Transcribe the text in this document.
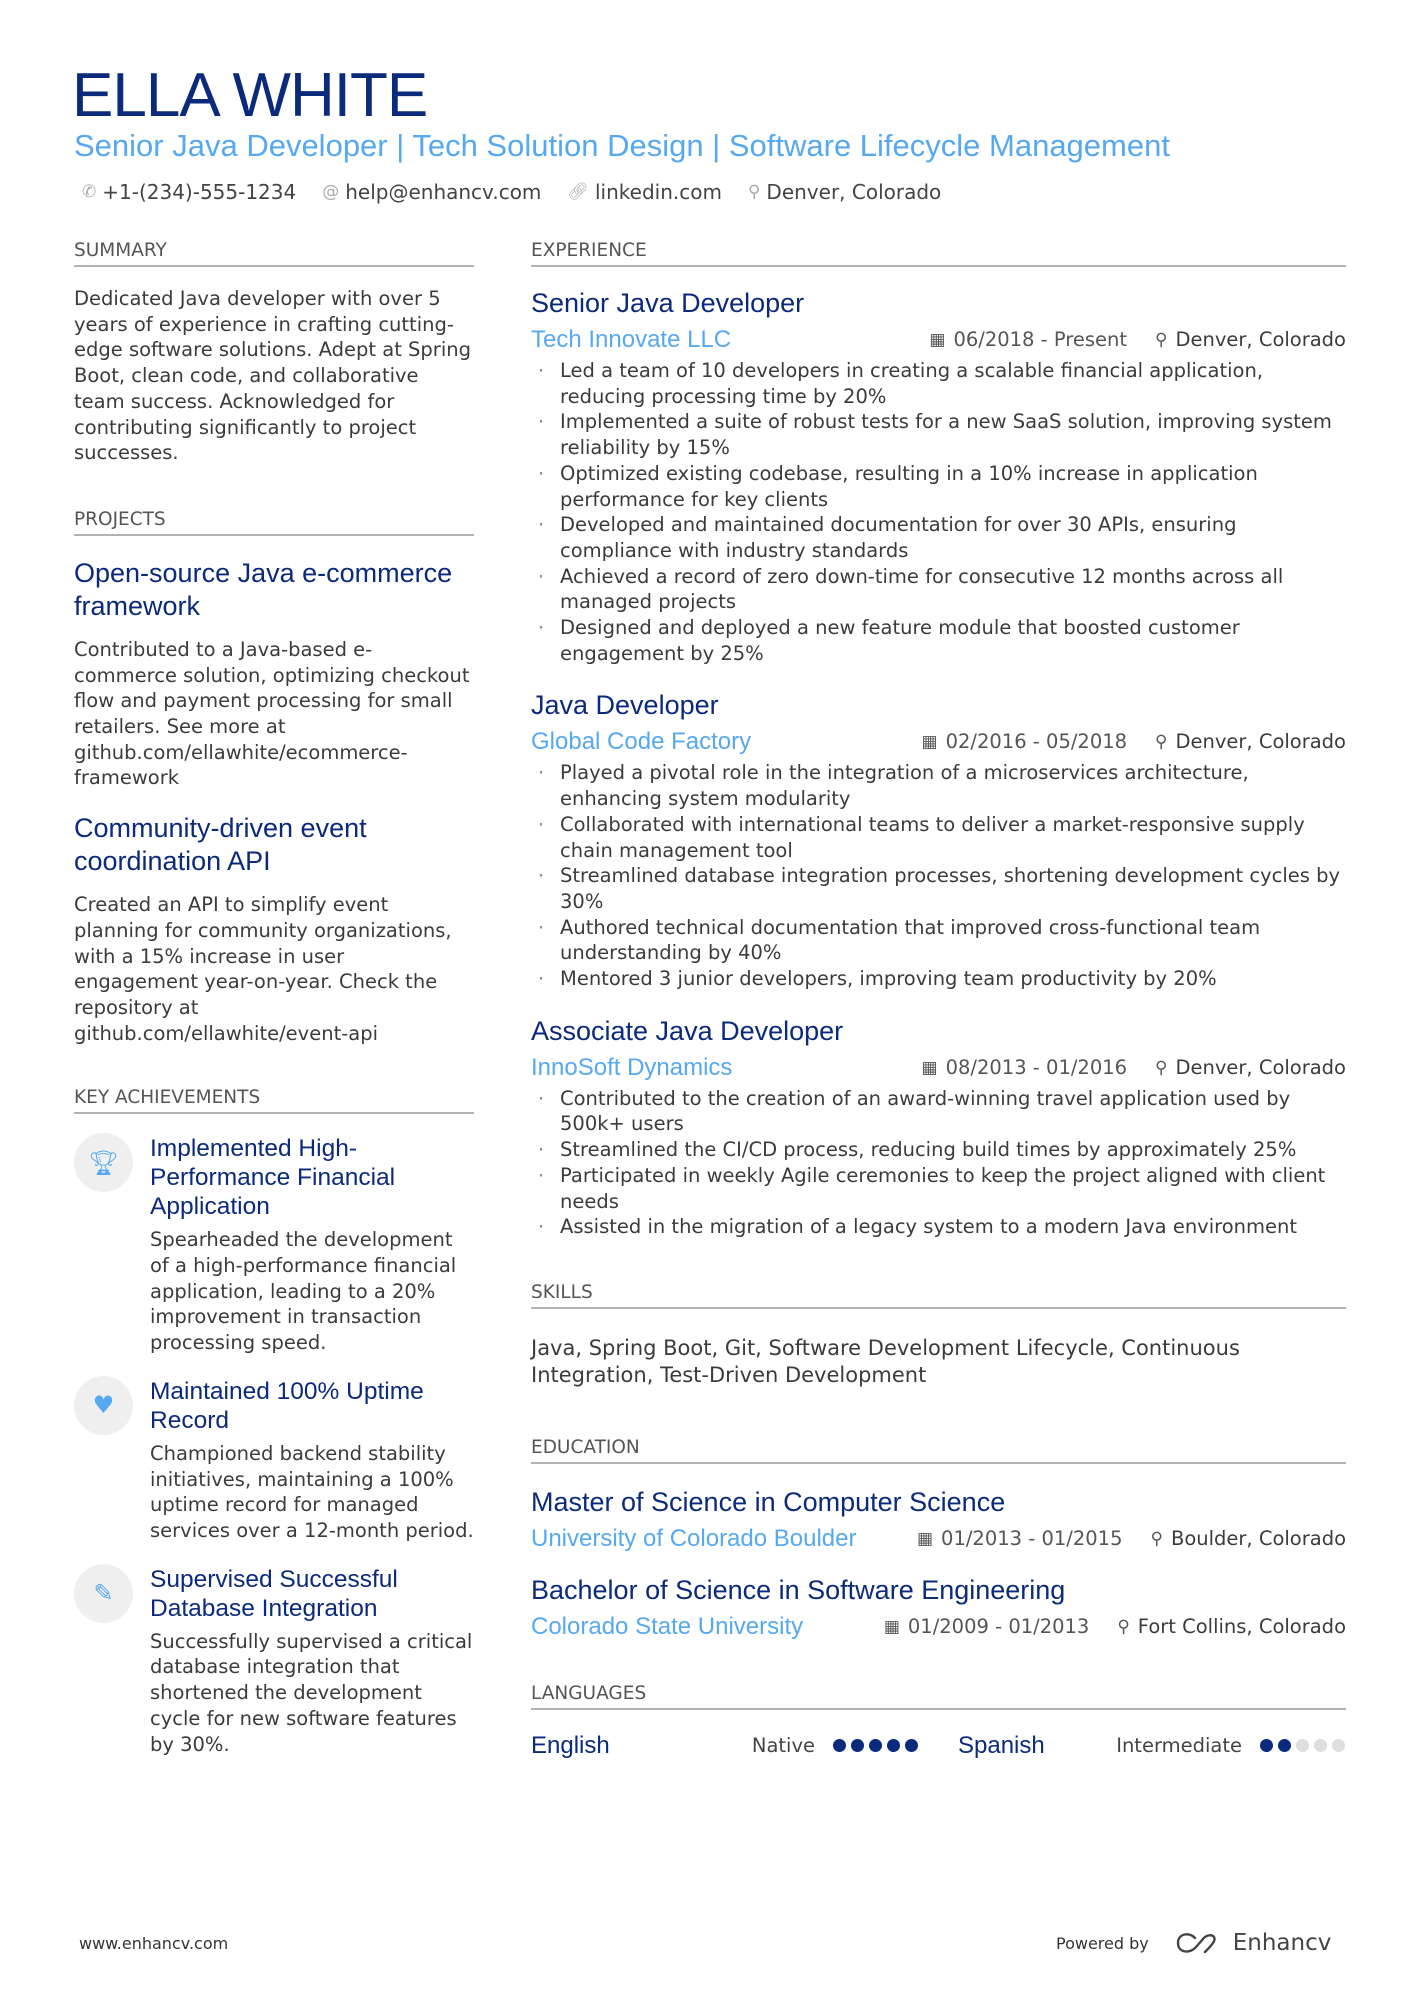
ELLA WHITE
Senior Java Developer | Tech Solution Design | Software Lifecycle Management
✆ +1-(234)-555-1234 @ help@enhancv.com 🔗︎ linkedin.com ⚲ Denver, Colorado
SUMMARY
Dedicated Java developer with over 5 years of experience in crafting cutting-edge software solutions. Adept at Spring Boot, clean code, and collaborative team success. Acknowledged for contributing significantly to project successes.
PROJECTS
Open-source Java e-commerce framework
Contributed to a Java-based e-commerce solution, optimizing checkout flow and payment processing for small retailers. See more at github.com/ellawhite/ecommerce-framework
Community-driven event coordination API
Created an API to simplify event planning for community organizations, with a 15% increase in user engagement year-on-year. Check the repository at github.com/ellawhite/event-api
KEY ACHIEVEMENTS
🏆︎	Implemented High-Performance Financial Application
Spearheaded the development of a high-performance financial application, leading to a 20% improvement in transaction processing speed.
♥	Maintained 100% Uptime Record
Championed backend stability initiatives, maintaining a 100% uptime record for managed services over a 12-month period.
✎	Supervised Successful Database Integration
Successfully supervised a critical database integration that shortened the development cycle for new software features by 30%.
EXPERIENCE
Senior Java Developer
Tech Innovate LLC	▦ 06/2018 - Present ⚲ Denver, Colorado
· Led a team of 10 developers in creating a scalable financial application, reducing processing time by 20%
· Implemented a suite of robust tests for a new SaaS solution, improving system reliability by 15%
· Optimized existing codebase, resulting in a 10% increase in application performance for key clients
· Developed and maintained documentation for over 30 APIs, ensuring compliance with industry standards
· Achieved a record of zero down-time for consecutive 12 months across all managed projects
· Designed and deployed a new feature module that boosted customer engagement by 25%
Java Developer
Global Code Factory	▦ 02/2016 - 05/2018 ⚲ Denver, Colorado
· Played a pivotal role in the integration of a microservices architecture, enhancing system modularity
· Collaborated with international teams to deliver a market-responsive supply chain management tool
· Streamlined database integration processes, shortening development cycles by 30%
· Authored technical documentation that improved cross-functional team understanding by 40%
· Mentored 3 junior developers, improving team productivity by 20%
Associate Java Developer
InnoSoft Dynamics	▦ 08/2013 - 01/2016 ⚲ Denver, Colorado
· Contributed to the creation of an award-winning travel application used by 500k+ users
· Streamlined the CI/CD process, reducing build times by approximately 25%
· Participated in weekly Agile ceremonies to keep the project aligned with client needs
· Assisted in the migration of a legacy system to a modern Java environment
SKILLS
Java, Spring Boot, Git, Software Development Lifecycle, Continuous Integration, Test-Driven Development
EDUCATION
Master of Science in Computer Science
University of Colorado Boulder	▦ 01/2013 - 01/2015 ⚲ Boulder, Colorado
Bachelor of Science in Software Engineering
Colorado State University	▦ 01/2009 - 01/2013 ⚲ Fort Collins, Colorado
LANGUAGES
English	Native	Spanish	Intermediate
www.enhancv.com	Powered by	Enhancv
